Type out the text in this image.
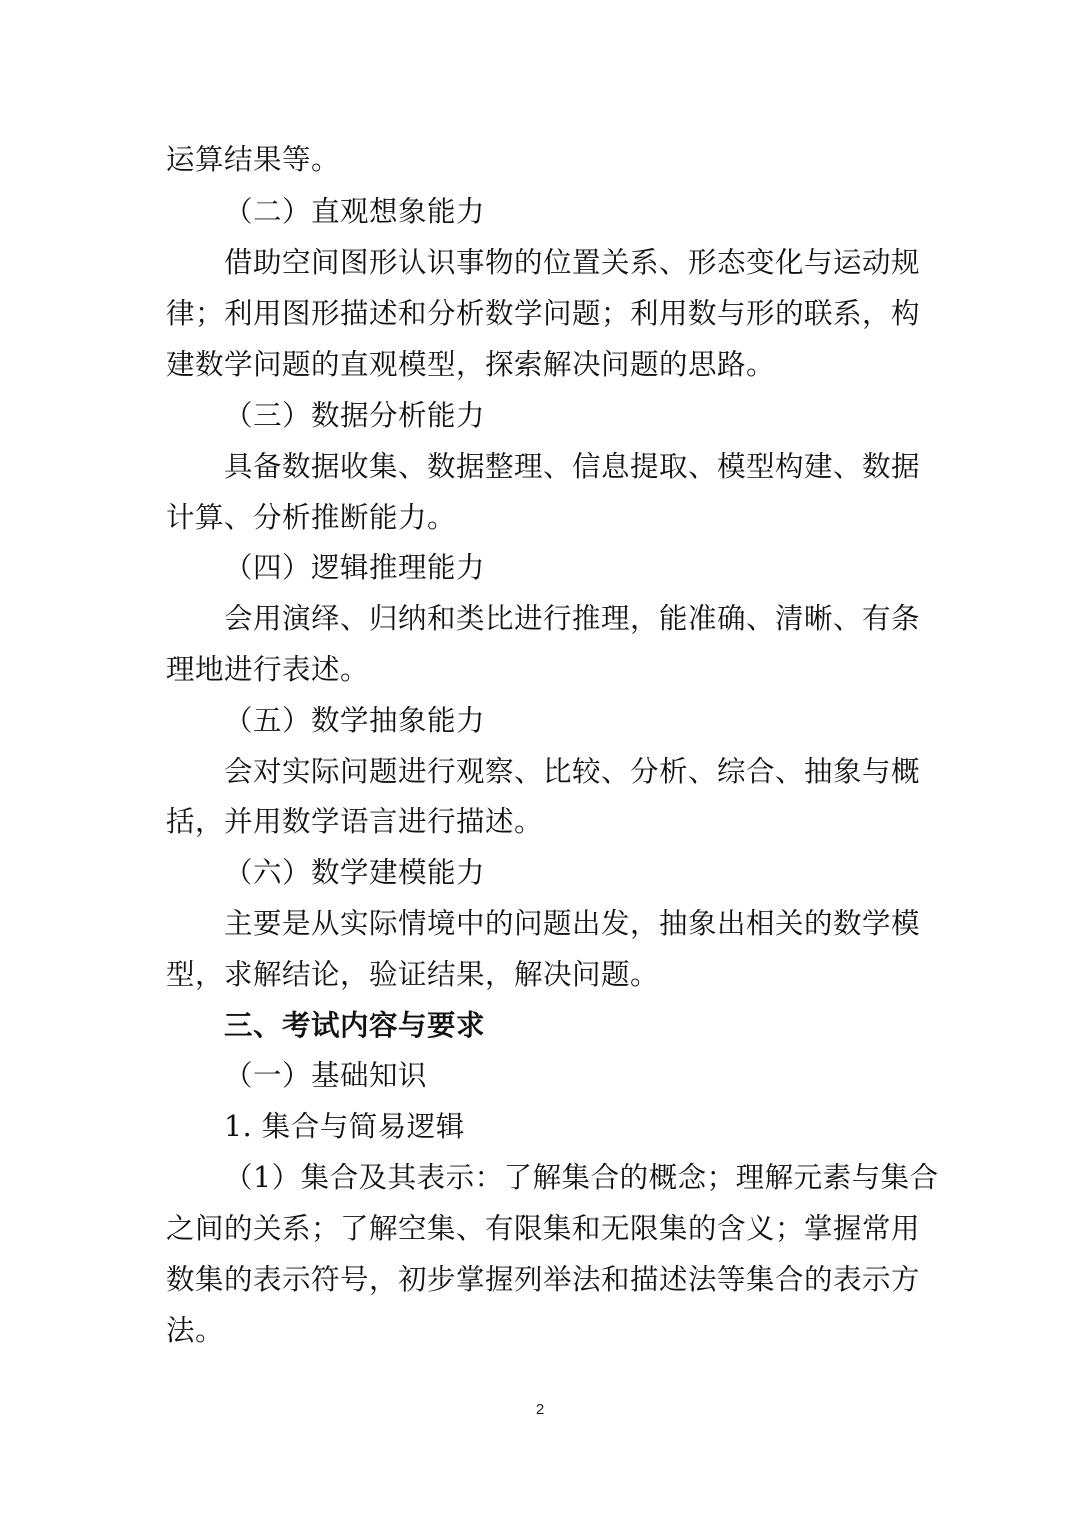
运算结果等。
（二）直观想象能力
借助空间图形认识事物的位置关系、形态变化与运动规
律；利用图形描述和分析数学问题；利用数与形的联系，构
建数学问题的直观模型，探索解决问题的思路。
（三）数据分析能力
具备数据收集、数据整理、信息提取、模型构建、数据
计算、分析推断能力。
（四）逻辑推理能力
会用演绎、归纳和类比进行推理，能准确、清晰、有条
理地进行表述。
（五）数学抽象能力
会对实际问题进行观察、比较、分析、综合、抽象与概
括，并用数学语言进行描述。
（六）数学建模能力
主要是从实际情境中的问题出发，抽象出相关的数学模
型，求解结论，验证结果，解决问题。
三、考试内容与要求
（一）基础知识
1. 集合与简易逻辑
（1）集合及其表示：了解集合的概念；理解元素与集合
之间的关系；了解空集、有限集和无限集的含义；掌握常用
数集的表示符号，初步掌握列举法和描述法等集合的表示方
法。
2
